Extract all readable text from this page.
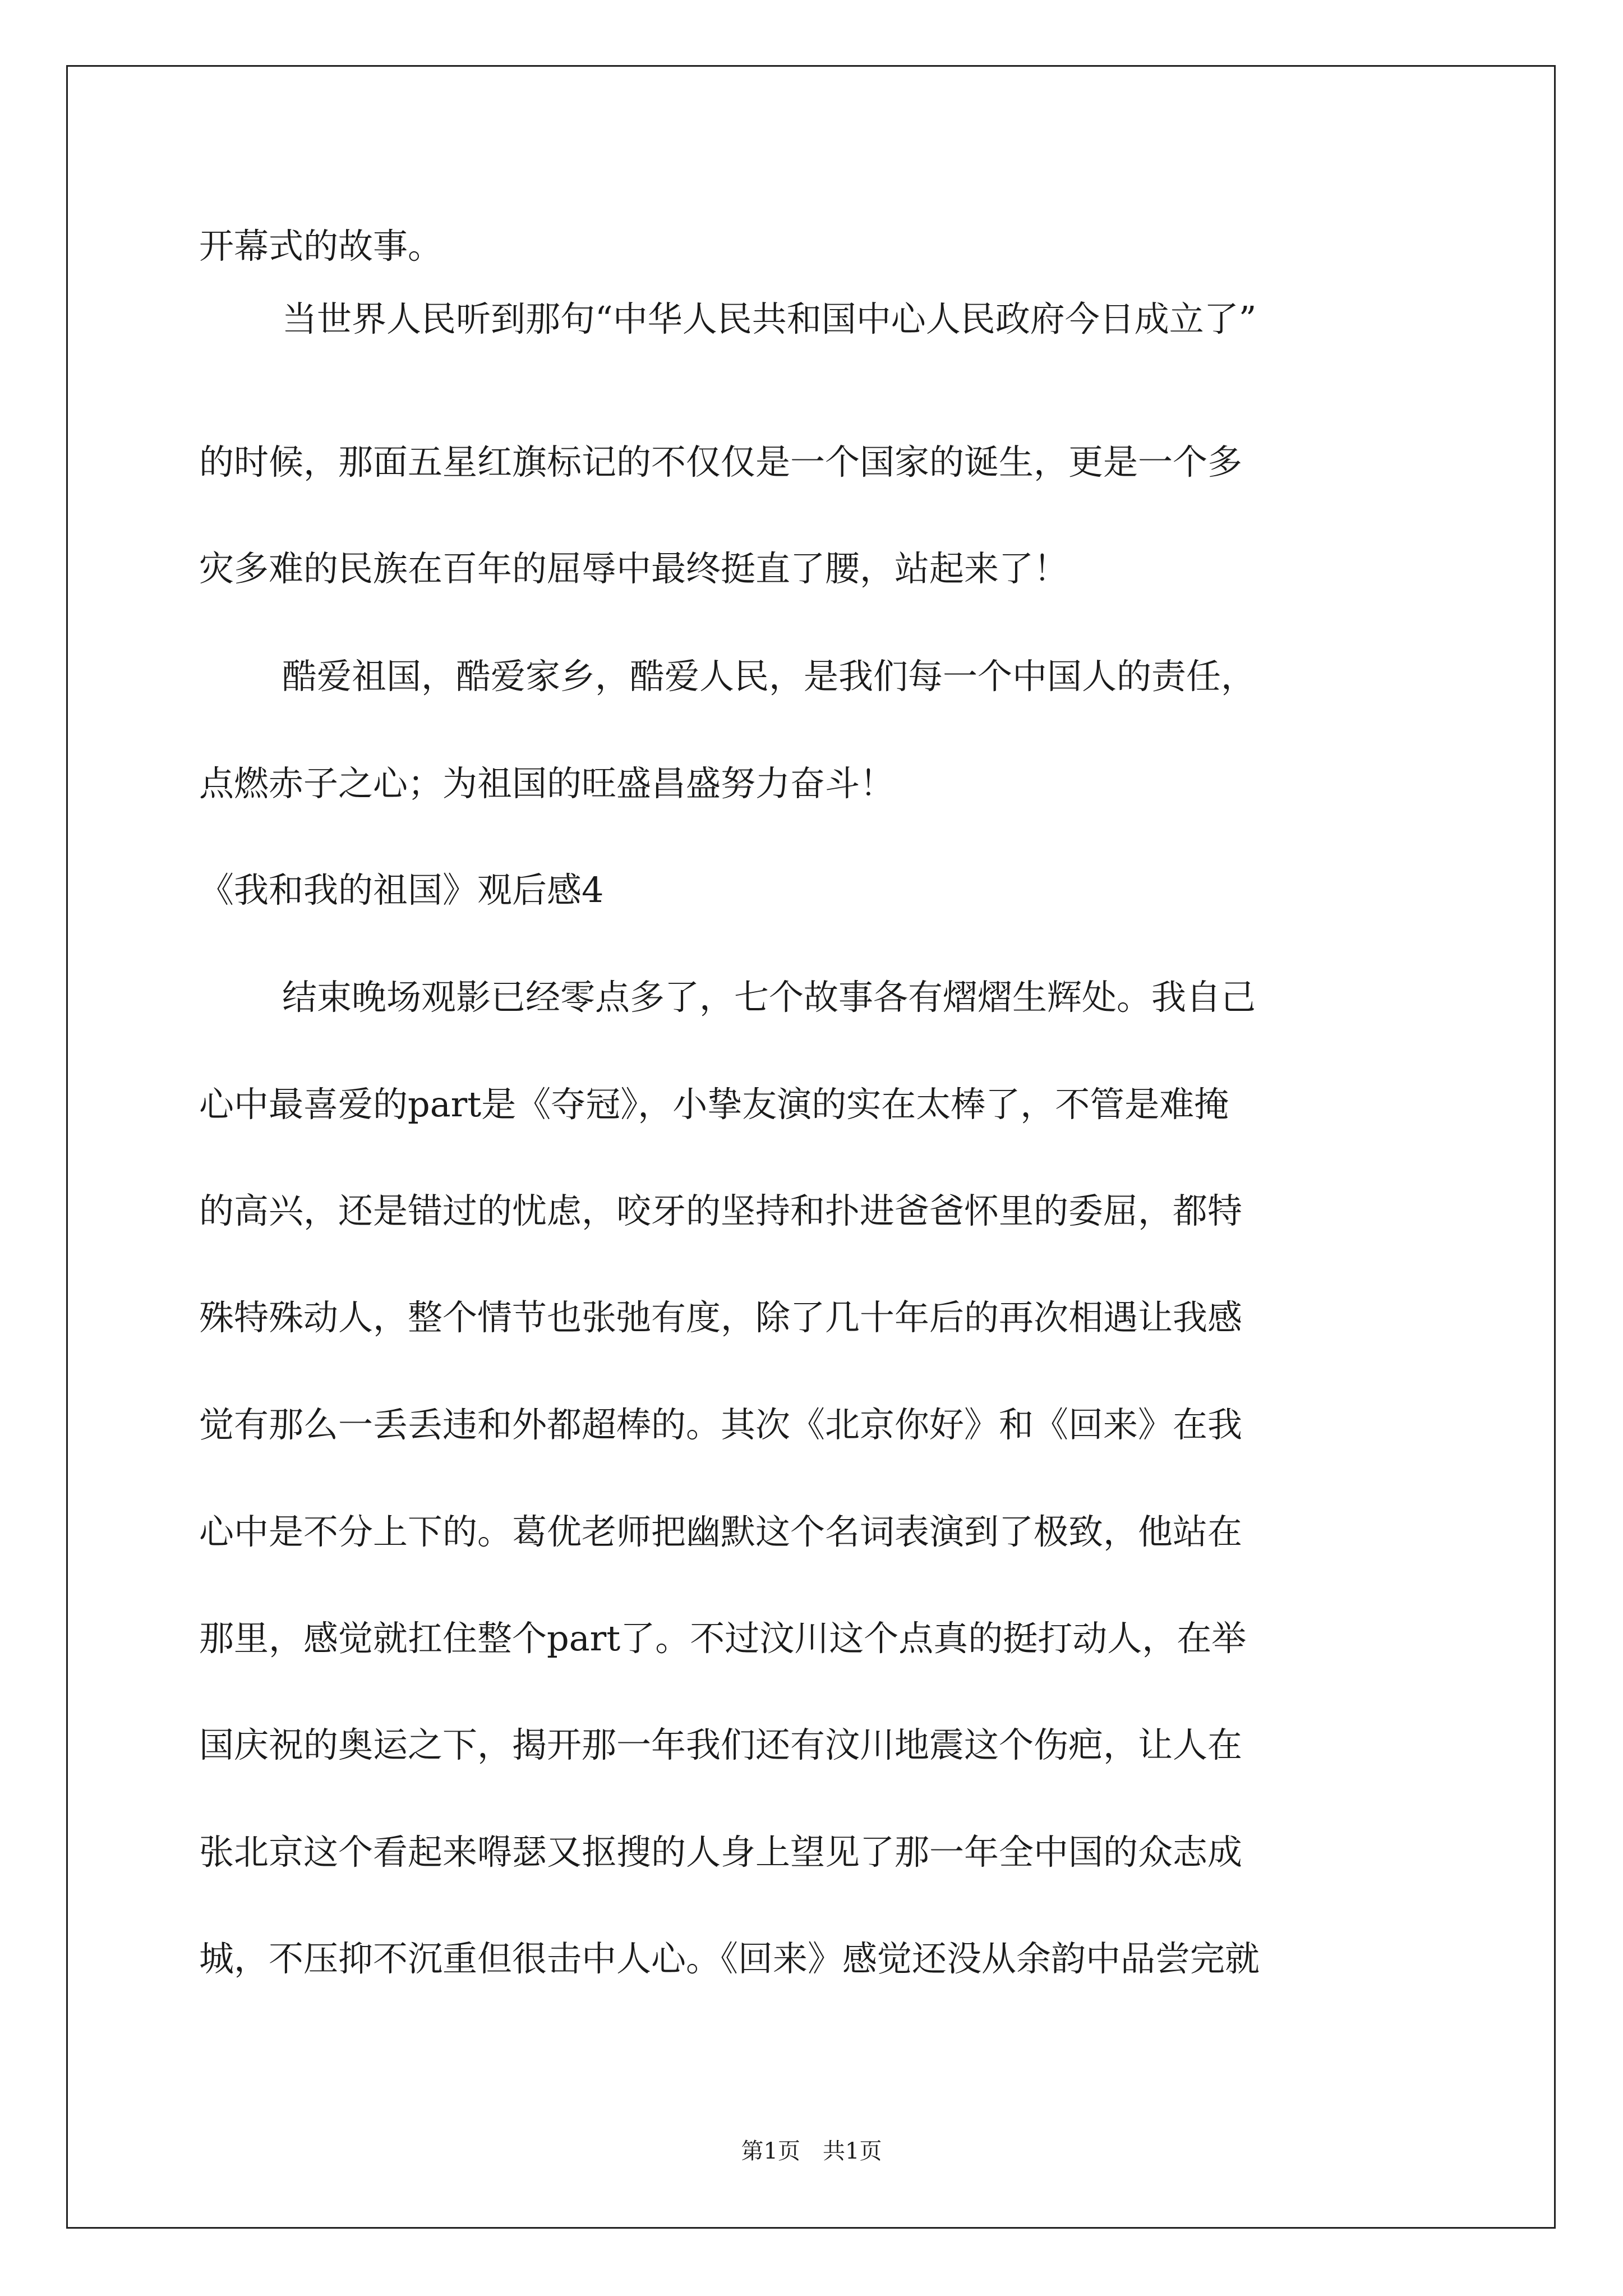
开幕式的故事。
当世界人民听到那句“中华人民共和国中心人民政府今日成立了”
的时候，那面五星红旗标记的不仅仅是一个国家的诞生，更是一个多
灾多难的民族在百年的屈辱中最终挺直了腰，站起来了！
酷爱祖国，酷爱家乡，酷爱人民，是我们每一个中国人的责任，
点燃赤子之心；为祖国的旺盛昌盛努力奋斗！
《我和我的祖国》观后感4
结束晚场观影已经零点多了，七个故事各有熠熠生辉处。我自己
心中最喜爱的part是《夺冠》，小挚友演的实在太棒了，不管是难掩
的高兴，还是错过的忧虑，咬牙的坚持和扑进爸爸怀里的委屈，都特
殊特殊动人，整个情节也张弛有度，除了几十年后的再次相遇让我感
觉有那么一丢丢违和外都超棒的。其次《北京你好》和《回来》在我
心中是不分上下的。葛优老师把幽默这个名词表演到了极致，他站在
那里，感觉就扛住整个part了。不过汶川这个点真的挺打动人，在举
国庆祝的奥运之下，揭开那一年我们还有汶川地震这个伤疤，让人在
张北京这个看起来嘚瑟又抠搜的人身上望见了那一年全中国的众志成
城，不压抑不沉重但很击中人心。《回来》感觉还没从余韵中品尝完就
第1页 共1页
